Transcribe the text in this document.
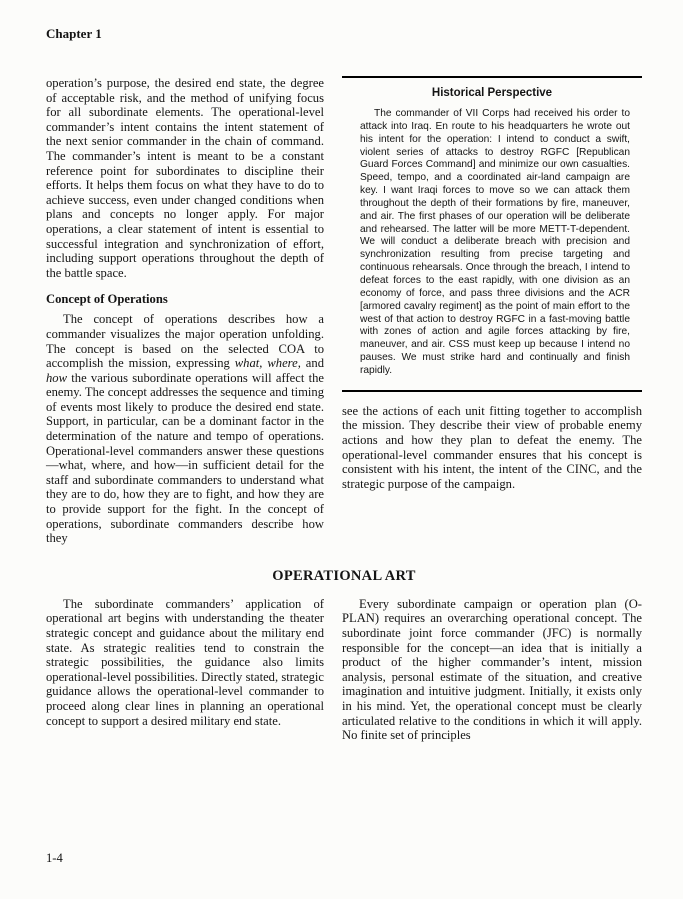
Chapter 1

operation’s purpose, the desired end state, the degree of acceptable risk, and the method of unifying focus for all subordinate elements. The operational-level commander’s intent contains the intent statement of the next senior commander in the chain of command. The commander’s intent is meant to be a constant reference point for subordinates to discipline their efforts. It helps them focus on what they have to do to achieve success, even under changed conditions when plans and concepts no longer apply. For major operations, a clear statement of intent is essential to successful integration and synchronization of effort, including support operations throughout the depth of the battle space.

Concept of Operations

The concept of operations describes how a commander visualizes the major operation unfolding. The concept is based on the selected COA to accomplish the mission, expressing what, where, and how the various subordinate operations will affect the enemy. The concept addresses the sequence and timing of events most likely to produce the desired end state. Support, in particular, can be a dominant factor in the determination of the nature and tempo of operations. Operational-level commanders answer these questions—what, where, and how—in sufficient detail for the staff and subordinate commanders to understand what they are to do, how they are to fight, and how they are to provide support for the fight. In the concept of operations, subordinate commanders describe how they

Historical Perspective
The commander of VII Corps had received his order to attack into Iraq. En route to his headquarters he wrote out his intent for the operation: I intend to conduct a swift, violent series of attacks to destroy RGFC [Republican Guard Forces Command] and minimize our own casualties. Speed, tempo, and a coordinated air-land campaign are key. I want Iraqi forces to move so we can attack them throughout the depth of their formations by fire, maneuver, and air. The first phases of our operation will be deliberate and rehearsed. The latter will be more METT-T-dependent. We will conduct a deliberate breach with precision and synchronization resulting from precise targeting and continuous rehearsals. Once through the breach, I intend to defeat forces to the east rapidly, with one division as an economy of force, and pass three divisions and the ACR [armored cavalry regiment] as the point of main effort to the west of that action to destroy RGFC in a fast-moving battle with zones of action and agile forces attacking by fire, maneuver, and air. CSS must keep up because I intend no pauses. We must strike hard and continually and finish rapidly.

see the actions of each unit fitting together to accomplish the mission. They describe their view of probable enemy actions and how they plan to defeat the enemy. The operational-level commander ensures that his concept is consistent with his intent, the intent of the CINC, and the strategic purpose of the campaign.

OPERATIONAL ART

The subordinate commanders’ application of operational art begins with understanding the theater strategic concept and guidance about the military end state. As strategic realities tend to constrain the strategic possibilities, the guidance also limits operational-level possibilities. Directly stated, strategic guidance allows the operational-level commander to proceed along clear lines in planning an operational concept to support a desired military end state.

Every subordinate campaign or operation plan (O-PLAN) requires an overarching operational concept. The subordinate joint force commander (JFC) is normally responsible for the concept—an idea that is initially a product of the higher commander’s intent, mission analysis, personal estimate of the situation, and creative imagination and intuitive judgment. Initially, it exists only in his mind. Yet, the operational concept must be clearly articulated relative to the conditions in which it will apply. No finite set of principles

1-4
